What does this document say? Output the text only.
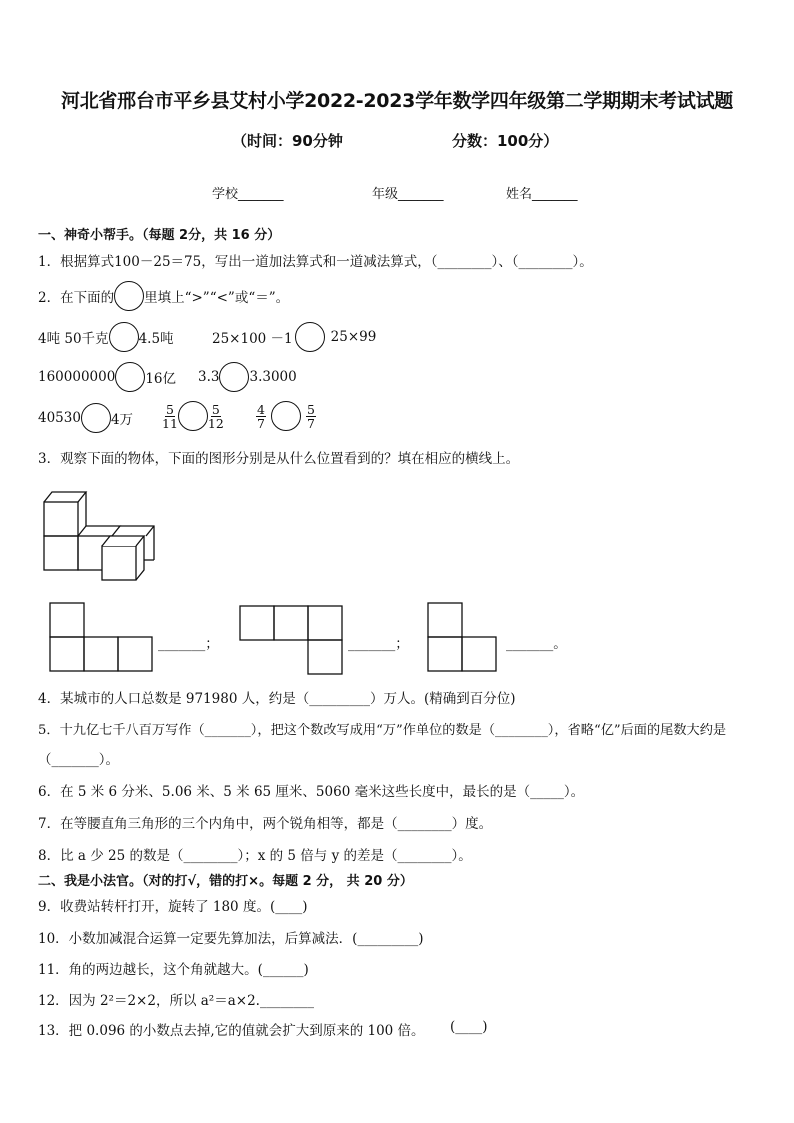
河北省邢台市平乡县艾村小学2022-2023学年数学四年级第二学期期末考试试题
（时间：90分钟	分数：100分）
学校_______	年级_______	姓名_______
一、神奇小帮手。（每题 2分，共 16 分）
1．根据算式100－25＝75，写出一道加法算式和一道减法算式，（________）、（________）。
2．在下面的 里填上“>”“<”或“＝”。
4吨 50千克 4.5吨	25×100 －1	25×99
160000000 16亿 3.3 3.3000
40530 4万 $\frac{5}{11} \frac{5}{12}$	$\frac{4}{7}$	$\frac{5}{7}$
3．观察下面的物体，下面的图形分别是从什么位置看到的？填在相应的横线上。
_______；	_______；	_______。
4．某城市的人口总数是 971980 人，约是（_________）万人。(精确到百分位)
5．十九亿七千八百万写作（_______），把这个数改写成用“万”作单位的数是（________），省略“亿”后面的尾数大约是
（_______）。
6．在 5 米 6 分米、5.06 米、5 米 65 厘米、5060 毫米这些长度中，最长的是（_____）。
7．在等腰直角三角形的三个内角中，两个锐角相等，都是（________）度。
8．比 a 少 25 的数是（________）；x 的 5 倍与 y 的差是（________）。
二、我是小法官。（对的打√，错的打×。每题 2 分， 共 20 分）
9．收费站转杆打开，旋转了 180 度。(____)
10．小数加减混合运算一定要先算加法，后算减法．(_________)
11．角的两边越长，这个角就越大。(______)
12．因为 2²＝2×2，所以 a²＝a×2.________
13．把 0.096 的小数点去掉,它的值就会扩大到原来的 100 倍。 (____)
